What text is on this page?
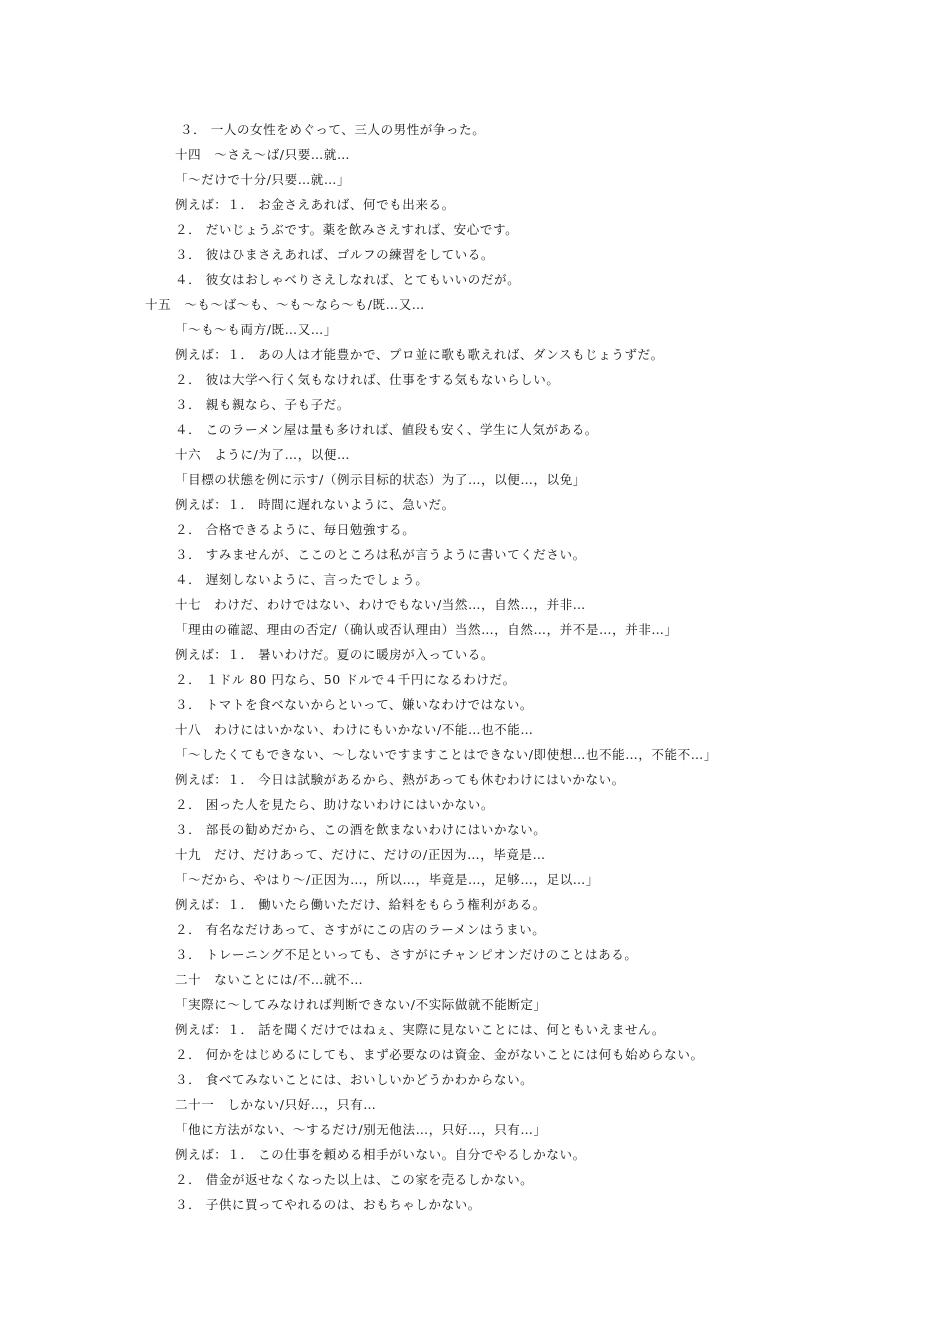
３． 一人の女性をめぐって、三人の男性が争った。
十四　～さえ～ば/只要…就…
「～だけで十分/只要…就…」
例えば：１． お金さえあれば、何でも出来る。
２． だいじょうぶです。薬を飲みさえすれば、安心です。
３． 彼はひまさえあれば、ゴルフの練習をしている。
４． 彼女はおしゃべりさえしなれば、とてもいいのだが。
十五　～も～ば～も、～も～なら～も/既…又…
「～も～も両方/既…又…」
例えば：１． あの人は才能豊かで、プロ並に歌も歌えれば、ダンスもじょうずだ。
２． 彼は大学へ行く気もなければ、仕事をする気もないらしい。
３． 親も親なら、子も子だ。
４． このラーメン屋は量も多ければ、値段も安く、学生に人気がある。
十六　ように/为了…，以便…
「目標の状態を例に示す/（例示目标的状态）为了…，以便…，以免」
例えば：１． 時間に遅れないように、急いだ。
２． 合格できるように、毎日勉強する。
３． すみませんが、ここのところは私が言うように書いてください。
４． 遅刻しないように、言ったでしょう。
十七　わけだ、わけではない、わけでもない/当然…，自然…，并非…
「理由の確認、理由の否定/（确认或否认理由）当然…，自然…，并不是…，并非…」
例えば：１． 暑いわけだ。夏のに暖房が入っている。
２． １ドル 80 円なら、50 ドルで４千円になるわけだ。
３． トマトを食べないからといって、嫌いなわけではない。
十八　わけにはいかない、わけにもいかない/不能…也不能…
「～したくてもできない、～しないですますことはできない/即使想…也不能…，不能不…」
例えば：１． 今日は試験があるから、熱があっても休むわけにはいかない。
２． 困った人を見たら、助けないわけにはいかない。
３． 部長の勧めだから、この酒を飲まないわけにはいかない。
十九　だけ、だけあって、だけに、だけの/正因为…，毕竟是…
「～だから、やはり～/正因为…，所以…，毕竟是…，足够…，足以…」
例えば：１． 働いたら働いただけ、給料をもらう権利がある。
２． 有名なだけあって、さすがにこの店のラーメンはうまい。
３． トレーニング不足といっても、さすがにチャンピオンだけのことはある。
二十　ないことには/不…就不…
「実際に～してみなければ判断できない/不实际做就不能断定」
例えば：１． 話を聞くだけではねぇ、実際に見ないことには、何ともいえません。
２． 何かをはじめるにしても、まず必要なのは資金、金がないことには何も始めらない。
３． 食べてみないことには、おいしいかどうかわからない。
二十一　しかない/只好…，只有…
「他に方法がない、～するだけ/别无他法…，只好…，只有…」
例えば：１． この仕事を頼める相手がいない。自分でやるしかない。
２． 借金が返せなくなった以上は、この家を売るしかない。
３． 子供に買ってやれるのは、おもちゃしかない。
